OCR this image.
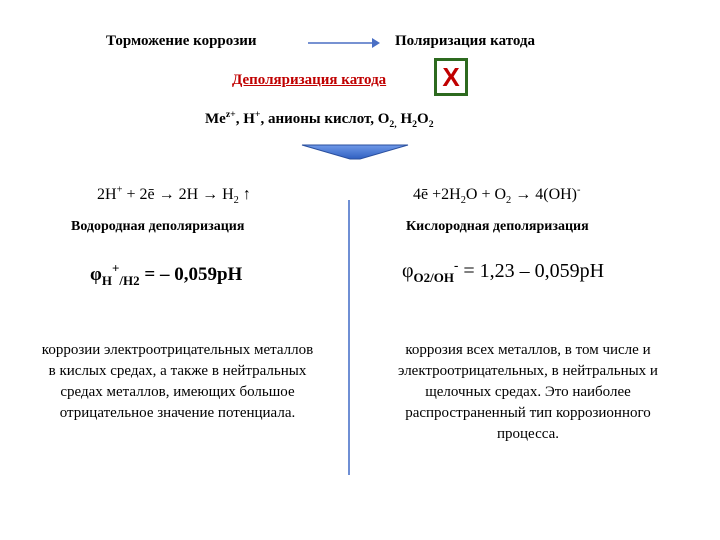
Торможение коррозии	Поляризация катода
Деполяризация катода X
$Me^{z+}$, H+, анионы кислот, $O_{2,}$ $H_2O_2$
2H+ + 2ē → $2H \to H_2$ ↑
Водородная деполяризация
$\varphi_H^+_{/H2}$ = – 0,059pH
коррозии электроотрицательных металлов в кислых средах, а также в нейтральных средах металлов, имеющих большое отрицательное значение потенциала.
4ē $+2H_2O + O_2 \to 4(OH)^-$
Кислородная деполяризация
$\varphi_{O2/OH}^- = 1,23 - 0,059pH$
коррозия всех металлов, в том числе и электроотрицательных, в нейтральных и щелочных средах. Это наиболее распространенный тип коррозионного процесса.
